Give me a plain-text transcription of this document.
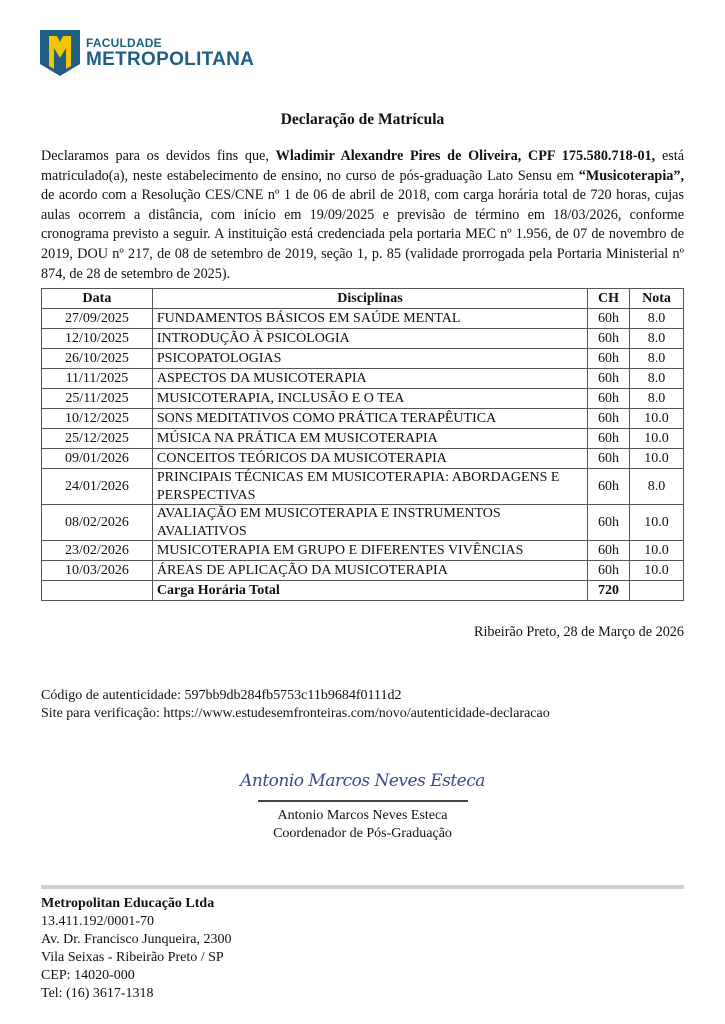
FACULDADE
METROPOLITANA
Declaração de Matrícula
Declaramos para os devidos fins que, Wladimir Alexandre Pires de Oliveira, CPF 175.580.718-01, está matriculado(a), neste estabelecimento de ensino, no curso de pós-graduação Lato Sensu em “Musicoterapia”, de acordo com a Resolução CES/CNE nº 1 de 06 de abril de 2018, com carga horária total de 720 horas, cujas aulas ocorrem a distância, com início em 19/09/2025 e previsão de término em 18/03/2026, conforme cronograma previsto a seguir. A instituição está credenciada pela portaria MEC nº 1.956, de 07 de novembro de 2019, DOU nº 217, de 08 de setembro de 2019, seção 1, p. 85 (validade prorrogada pela Portaria Ministerial nº 874, de 28 de setembro de 2025).
Data	Disciplinas	CH	Nota
27/09/2025	FUNDAMENTOS BÁSICOS EM SAÚDE MENTAL	60h	8.0
12/10/2025	INTRODUÇÃO À PSICOLOGIA	60h	8.0
26/10/2025	PSICOPATOLOGIAS	60h	8.0
11/11/2025	ASPECTOS DA MUSICOTERAPIA	60h	8.0
25/11/2025	MUSICOTERAPIA, INCLUSÃO E O TEA	60h	8.0
10/12/2025	SONS MEDITATIVOS COMO PRÁTICA TERAPÊUTICA	60h	10.0
25/12/2025	MÚSICA NA PRÁTICA EM MUSICOTERAPIA	60h	10.0
09/01/2026	CONCEITOS TEÓRICOS DA MUSICOTERAPIA	60h	10.0
24/01/2026	PRINCIPAIS TÉCNICAS EM MUSICOTERAPIA: ABORDAGENS E PERSPECTIVAS	60h	8.0
08/02/2026	AVALIAÇÃO EM MUSICOTERAPIA E INSTRUMENTOS AVALIATIVOS	60h	10.0
23/02/2026	MUSICOTERAPIA EM GRUPO E DIFERENTES VIVÊNCIAS	60h	10.0
10/03/2026	ÁREAS DE APLICAÇÃO DA MUSICOTERAPIA	60h	10.0
	Carga Horária Total	720	
Ribeirão Preto, 28 de Março de 2026
Código de autenticidade: 597bb9db284fb5753c11b9684f0111d2
Site para verificação: https://www.estudesemfronteiras.com/novo/autenticidade-declaracao
Antonio Marcos Neves Esteca
Antonio Marcos Neves Esteca
Coordenador de Pós-Graduação
Metropolitan Educação Ltda
13.411.192/0001-70
Av. Dr. Francisco Junqueira, 2300
Vila Seixas - Ribeirão Preto / SP
CEP: 14020-000
Tel: (16) 3617-1318
